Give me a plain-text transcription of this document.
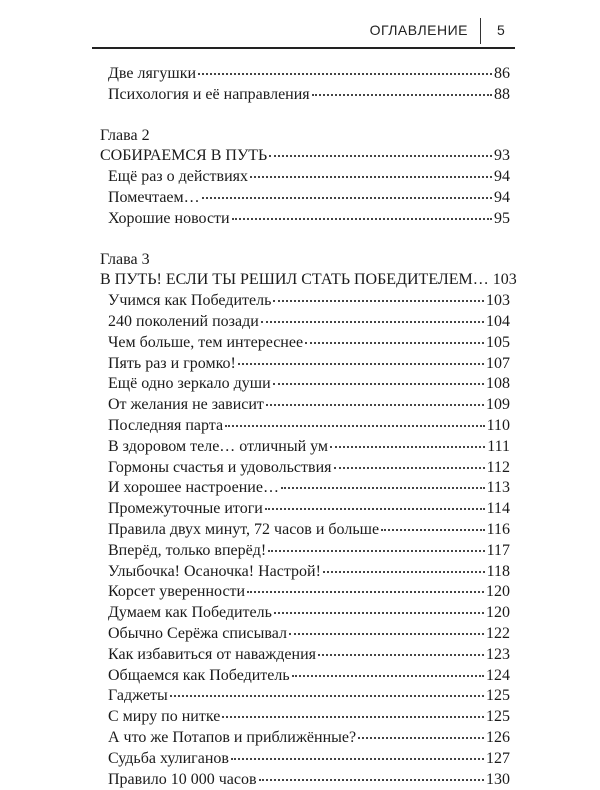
ОГЛАВЛЕНИЕ 5
Две лягушки	86
Психология и её направления	88
Глава 2
СОБИРАЕМСЯ В ПУТЬ	93
Ещё раз о действиях	94
Помечтаем…	94
Хорошие новости	95
Глава 3
В ПУТЬ! ЕСЛИ ТЫ РЕШИЛ СТАТЬ ПОБЕДИТЕЛЕМ… 103
Учимся как Победитель	103
240 поколений позади	104
Чем больше, тем интереснее	105
Пять раз и громко!	107
Ещё одно зеркало души	108
От желания не зависит	109
Последняя парта	110
В здоровом теле… отличный ум	111
Гормоны счастья и удовольствия	112
И хорошее настроение…	113
Промежуточные итоги	114
Правила двух минут, 72 часов и больше	116
Вперёд, только вперёд!	117
Улыбочка! Осаночка! Настрой!	118
Корсет уверенности	120
Думаем как Победитель	120
Обычно Серёжа списывал	122
Как избавиться от наваждения	123
Общаемся как Победитель	124
Гаджеты	125
С миру по нитке	125
А что же Потапов и приближённые?	126
Судьба хулиганов	127
Правило 10 000 часов	130
